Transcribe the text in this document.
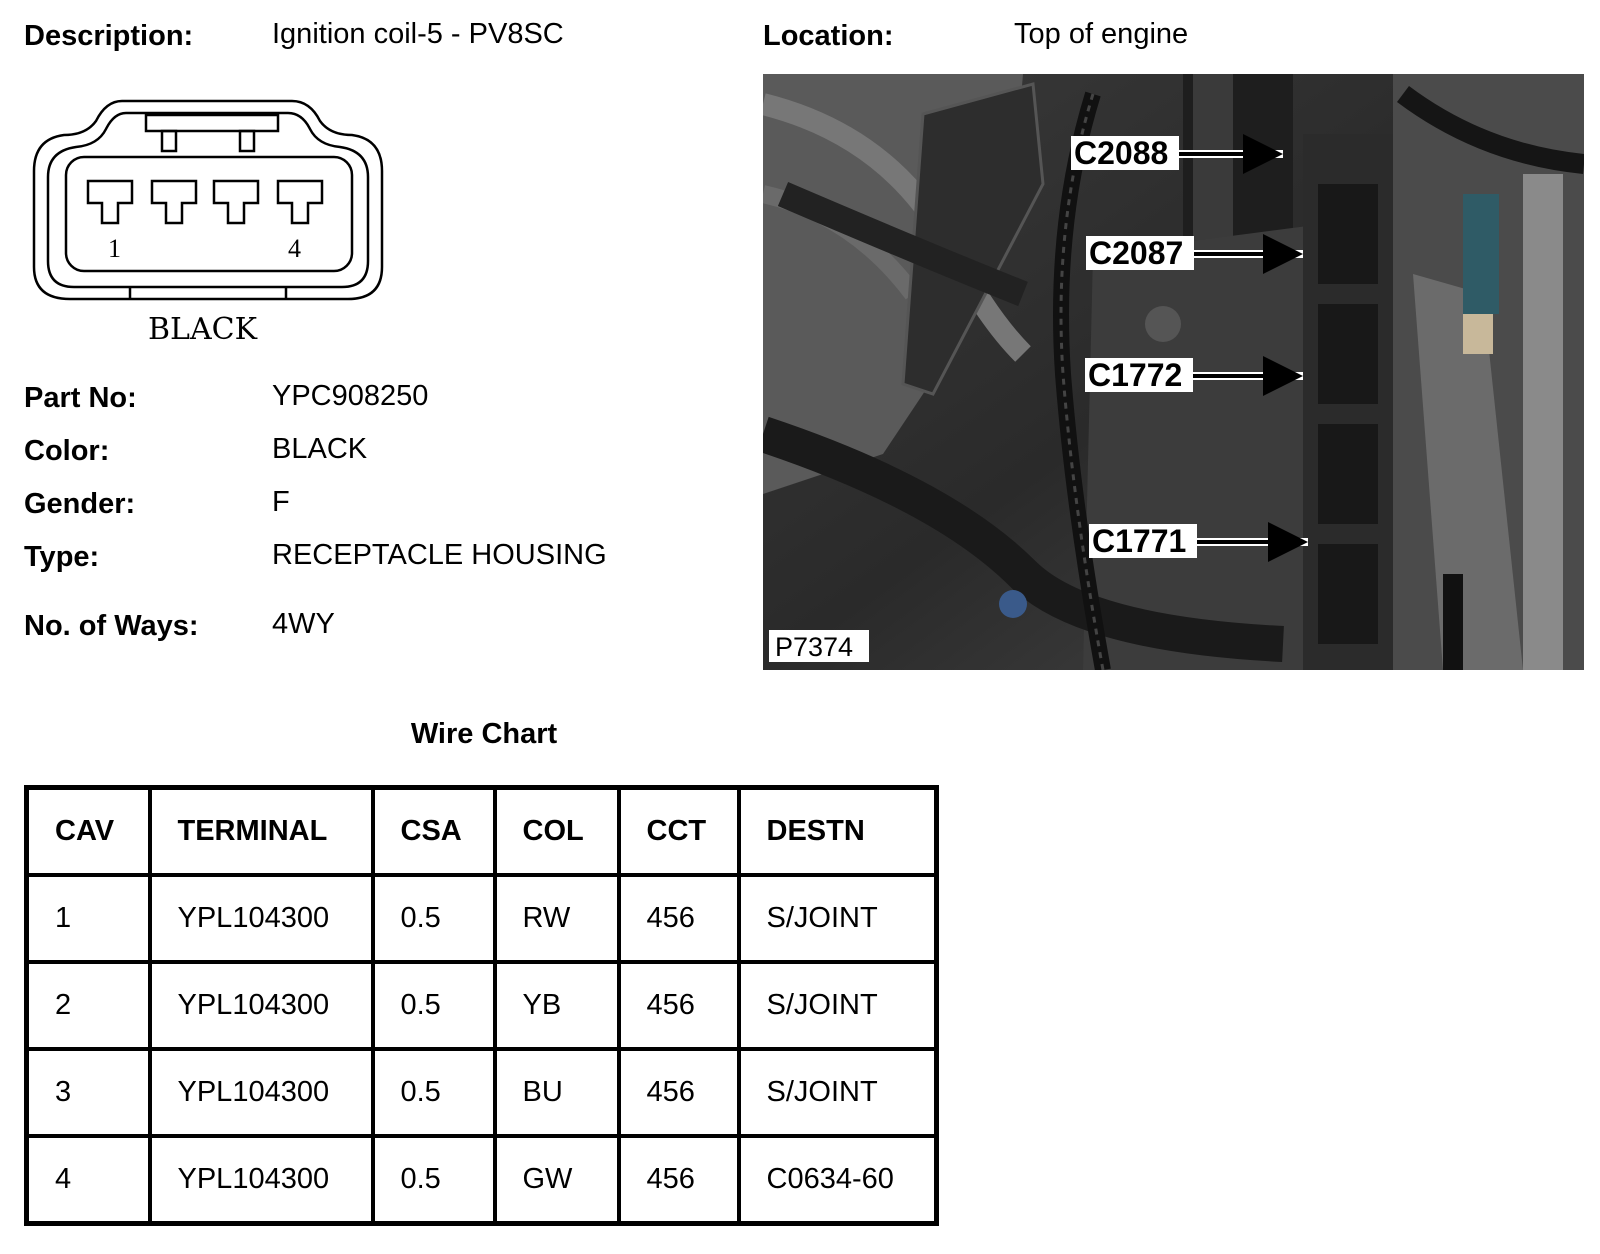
Description:	Ignition coil-5 - PV8SC	Location:	Top of engine
1	4
BLACK
Part No:	YPC908250
Color:	BLACK
Gender:	F
Type:	RECEPTACLE HOUSING
No. of Ways:	4WY
C2088
C2087
C1772
C1771
P7374
Wire Chart
CAV	TERMINAL	CSA	COL	CCT	DESTN
1	YPL104300	0.5	RW	456	S/JOINT
2	YPL104300	0.5	YB	456	S/JOINT
3	YPL104300	0.5	BU	456	S/JOINT
4	YPL104300	0.5	GW	456	C0634-60
